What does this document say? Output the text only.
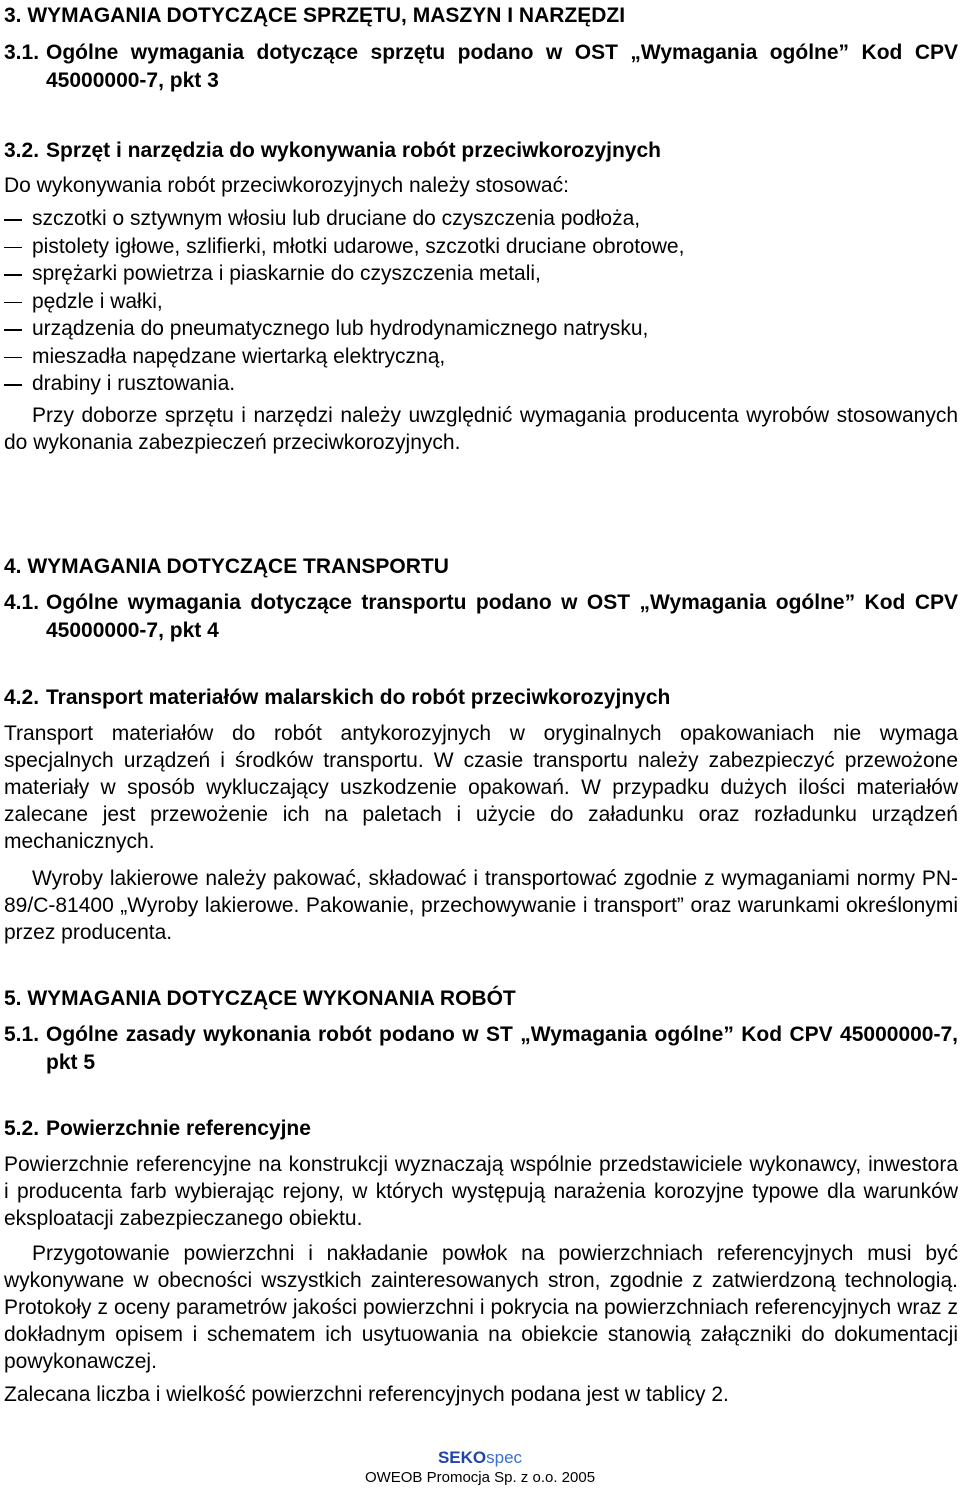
3. WYMAGANIA DOTYCZĄCE SPRZĘTU, MASZYN I NARZĘDZI

3.1. Ogólne wymagania dotyczące sprzętu podano w OST „Wymagania ogólne” Kod CPV 45000000-7, pkt 3
3.2. Sprzęt i narzędzia do wykonywania robót przeciwkorozyjnych

Do wykonywania robót przeciwkorozyjnych należy stosować:

szczotki o sztywnym włosiu lub druciane do czyszczenia podłoża,
pistolety igłowe, szlifierki, młotki udarowe, szczotki druciane obrotowe,
sprężarki powietrza i piaskarnie do czyszczenia metali,
pędzle i wałki,
urządzenia do pneumatycznego lub hydrodynamicznego natrysku,
mieszadła napędzane wiertarką elektryczną,
drabiny i rusztowania.

Przy doborze sprzętu i narzędzi należy uwzględnić wymagania producenta wyrobów stosowanych do wykonania zabezpieczeń przeciwkorozyjnych.

4. WYMAGANIA DOTYCZĄCE TRANSPORTU

4.1. Ogólne wymagania dotyczące transportu podano w OST „Wymagania ogólne” Kod CPV 45000000-7, pkt 4
4.2. Transport materiałów malarskich do robót przeciwkorozyjnych

Transport materiałów do robót antykorozyjnych w oryginalnych opakowaniach nie wymaga specjalnych urządzeń i środków transportu. W czasie transportu należy zabezpieczyć przewożone materiały w sposób wykluczający uszkodzenie opakowań. W przypadku dużych ilości materiałów zalecane jest przewożenie ich na paletach i użycie do załadunku oraz rozładunku urządzeń mechanicznych.

Wyroby lakierowe należy pakować, składować i transportować zgodnie z wymaganiami normy PN-89/C-81400 „Wyroby lakierowe. Pakowanie, przechowywanie i transport” oraz warunkami określonymi przez producenta.

5. WYMAGANIA DOTYCZĄCE WYKONANIA ROBÓT

5.1. Ogólne zasady wykonania robót podano w ST „Wymagania ogólne” Kod CPV 45000000-7, pkt 5
5.2. Powierzchnie referencyjne

Powierzchnie referencyjne na konstrukcji wyznaczają wspólnie przedstawiciele wykonawcy, inwestora i producenta farb wybierając rejony, w których występują narażenia korozyjne typowe dla warunków eksploatacji zabezpieczanego obiektu.

Przygotowanie powierzchni i nakładanie powłok na powierzchniach referencyjnych musi być wykonywane w obecności wszystkich zainteresowanych stron, zgodnie z zatwierdzoną technologią. Protokoły z oceny parametrów jakości powierzchni i pokrycia na powierzchniach referencyjnych wraz z dokładnym opisem i schematem ich usytuowania na obiekcie stanowią załączniki do dokumentacji powykonawczej.

Zalecana liczba i wielkość powierzchni referencyjnych podana jest w tablicy 2.

SEKOspec
OWEOB Promocja Sp. z o.o. 2005
